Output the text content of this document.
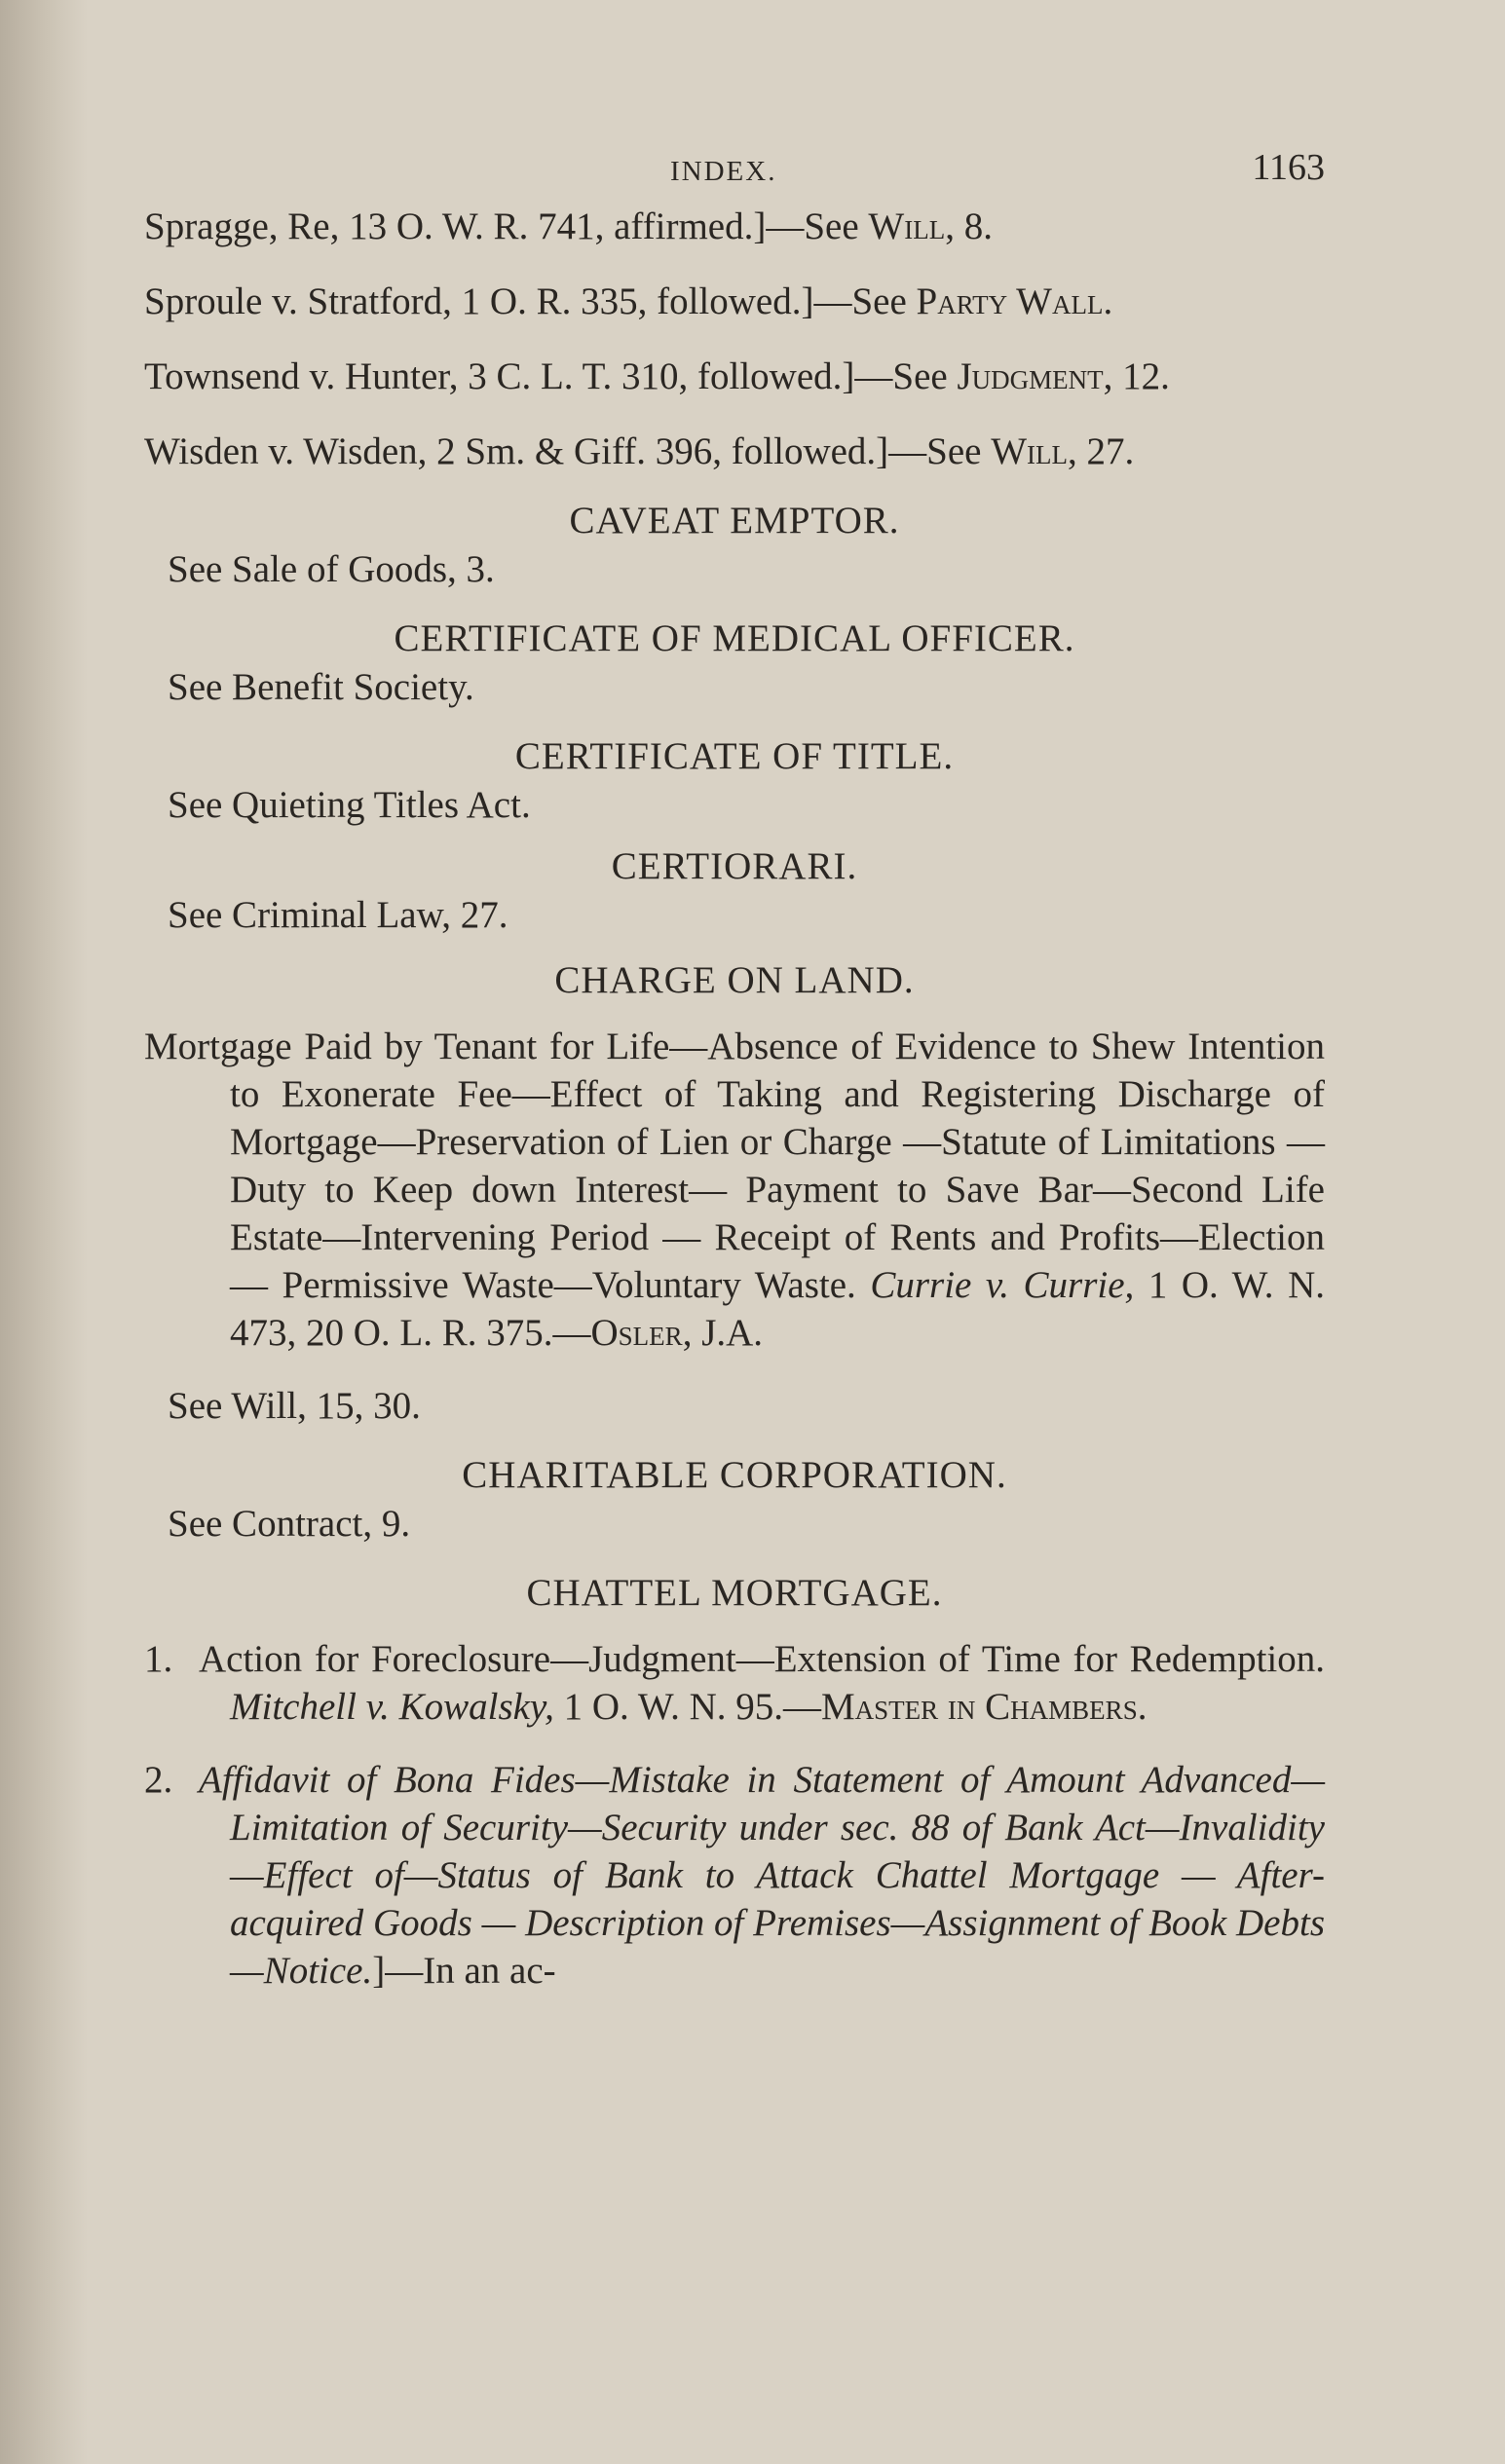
INDEX.	1163

Spragge, Re, 13 O. W. R. 741, affirmed.]—See Will, 8.

Sproule v. Stratford, 1 O. R. 335, followed.]—See Party Wall.

Townsend v. Hunter, 3 C. L. T. 310, followed.]—See Judgment, 12.

Wisden v. Wisden, 2 Sm. & Giff. 396, followed.]—See Will, 27.

CAVEAT EMPTOR.

See Sale of Goods, 3.

CERTIFICATE OF MEDICAL OFFICER.

See Benefit Society.

CERTIFICATE OF TITLE.

See Quieting Titles Act.

CERTIORARI.

See Criminal Law, 27.

CHARGE ON LAND.

Mortgage Paid by Tenant for Life—Absence of Evidence to Shew Intention to Exonerate Fee—Effect of Taking and Registering Discharge of Mortgage—Preservation of Lien or Charge —Statute of Limitations — Duty to Keep down Interest— Payment to Save Bar—Second Life Estate—Intervening Period — Receipt of Rents and Profits—Election — Permissive Waste—Voluntary Waste. Currie v. Currie, 1 O. W. N. 473, 20 O. L. R. 375.—Osler, J.A.

See Will, 15, 30.

CHARITABLE CORPORATION.

See Contract, 9.

CHATTEL MORTGAGE.

1. Action for Foreclosure—Judgment—Extension of Time for Redemption. Mitchell v. Kowalsky, 1 O. W. N. 95.—Master in Chambers.

2. Affidavit of Bona Fides—Mistake in Statement of Amount Advanced—Limitation of Security—Security under sec. 88 of Bank Act—Invalidity—Effect of—Status of Bank to Attack Chattel Mortgage — After-acquired Goods — Description of Premises—Assignment of Book Debts—Notice.]—In an ac-
